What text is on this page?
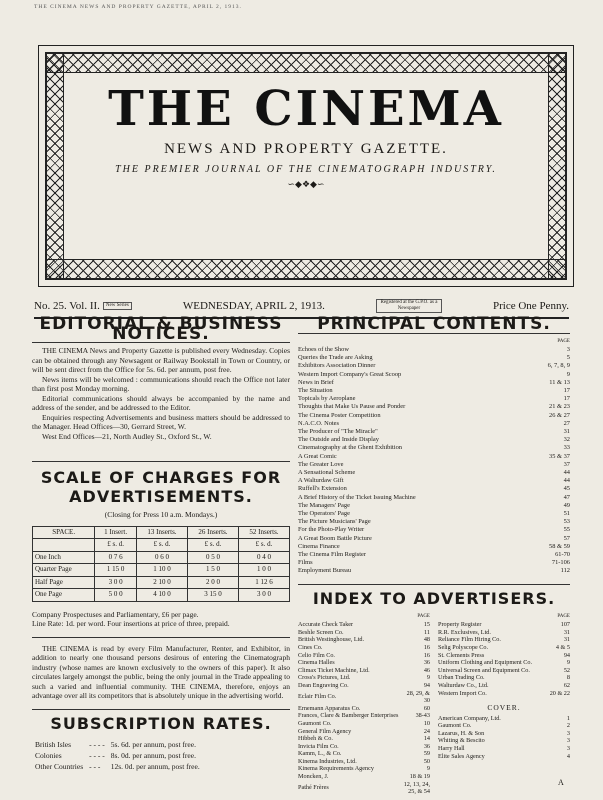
THE CINEMA NEWS AND PROPERTY GAZETTE, APRIL 2, 1913.
THE CINEMA
NEWS AND PROPERTY GAZETTE.
THE PREMIER JOURNAL OF THE CINEMATOGRAPH INDUSTRY.
∽◆❖◆∽
No. 25. Vol. II. New Series	WEDNESDAY, APRIL 2, 1913.	Registered at the G.P.O. as a Newspaper	Price One Penny.
EDITORIAL & BUSINESS NOTICES.

THE CINEMA News and Property Gazette is published every Wednesday. Copies can be obtained through any Newsagent or Railway Bookstall in Town or Country, or will be sent direct from the Office for 5s. 6d. per annum, post free.

News items will be welcomed : communications should reach the Office not later than first post Monday morning.

Editorial communications should always be accompanied by the name and address of the sender, and be addressed to the Editor.

Enquiries respecting Advertisements and business matters should be addressed to the Manager. Head Offices—30, Gerrard Street, W.

West End Offices—21, North Audley St., Oxford St., W.

SCALE OF CHARGES FOR ADVERTISEMENTS.
(Closing for Press 10 a.m. Mondays.)
SPACE.	1 Insert.	13 Inserts.	26 Inserts.	52 Inserts.
	£ s. d.	£ s. d.	£ s. d.	£ s. d.
One Inch	0 7 6	0 6 0	0 5 0	0 4 0
Quarter Page	1 15 0	1 10 0	1 5 0	1 0 0
Half Page	3 0 0	2 10 0	2 0 0	1 12 6
One Page	5 0 0	4 10 0	3 15 0	3 0 0
Company Prospectuses and Parliamentary, £6 per page.
Line Rate: 1d. per word. Four insertions at price of three, prepaid.

THE CINEMA is read by every Film Manufacturer, Renter, and Exhibitor, in addition to nearly one thousand persons desirous of entering the Cinematograph industry (whose names are known exclusively to the owners of this paper). It also circulates largely amongst the public, being the only journal in the Trade appealing to such a varied and influential community. THE CINEMA, therefore, enjoys an advantage over all its competitors that is absolutely unique in the advertising world.

SUBSCRIPTION RATES.
British Isles	- - - -	5s. 6d. per annum, post free.
Colonies	- - - -	8s. 0d. per annum, post free.
Other Countries	- - -	12s. 0d. per annum, post free.
PRINCIPAL CONTENTS.
PAGE
Echoes of the Show	3
Queries the Trade are Asking	5
Exhibitors Association Dinner	6, 7, 8, 9
Western Import Company's Great Scoop	9
News in Brief	11 & 13
The Situation	17
Topicals by Aeroplane	17
Thoughts that Make Us Pause and Ponder	21 & 23
The Cinema Poster Competition	26 & 27
N.A.C.O. Notes	27
The Producer of "The Miracle"	31
The Outside and Inside Display	32
Cinematography at the Ghent Exhibition	33
A Great Comic	35 & 37
The Greater Love	37
A Sensational Scheme	44
A Walturdaw Gift	44
Ruffell's Extension	45
A Brief History of the Ticket Issuing Machine	47
The Managers' Page	49
The Operators' Page	51
The Picture Musicians' Page	53
For the Photo-Play Writer	55
A Great Boom Battle Picture	57
Cinema Finance	58 & 59
The Cinema Film Register	61-70
Films	71-106
Employment Bureau	112
INDEX TO ADVERTISERS.
PAGE
Accurate Check Taker	15
Beshle Screen Co.	11
British Westinghouse, Ltd.	48
Cines Co.	16
Celio Film Co.	16
Cinema Halles	36
Climax Ticket Machine, Ltd.	46
Cross's Pictures, Ltd.	9
Dean Engraving Co.	94
Eclair Film Co.	28, 29, & 30
Ernemann Apparatus Co.	60
Frances, Clare & Bamberger Enterprises	38-43
Gaumont Co.	10
General Film Agency	24
Hibbeh & Co.	14
Invicta Film Co.	36
Kamm, L., & Co.	59
Kinema Industries, Ltd.	50
Kinema Requirements Agency	9
Moncken, J.	18 & 19
Pathé Frères	12, 13, 24, 25, & 54
PAGE
Property Register	107
R.R. Exclusives, Ltd.	31
Reliance Film Hiring Co.	31
Selig Polyscope Co.	4 & 5
St. Clements Press	94
Uniform Clothing and Equipment Co.	9
Universal Screen and Equipment Co.	52
Urban Trading Co.	8
Walturdaw Co., Ltd.	62
Western Import Co.	20 & 22
COVER.
American Company, Ltd.	1
Gaumont Co.	2
Lazarus, H. & Son	3
Whiting & Bescito	3
Harry Hall	3
Elite Sales Agency	4
A
